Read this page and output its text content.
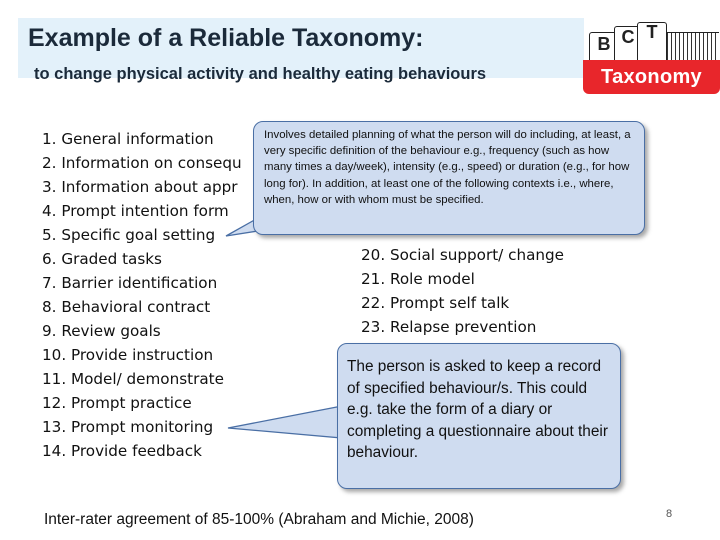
Example of a Reliable Taxonomy:

to change physical activity and healthy eating behaviours

B C T
Taxonomy
1. General information
2. Information on consequ
3. Information about appr
4. Prompt intention form
5. Specific goal setting
6. Graded tasks
7. Barrier identification
8. Behavioral contract
9. Review goals
10. Provide instruction
11. Model/ demonstrate
12. Prompt practice
13. Prompt monitoring
14. Provide feedback
20. Social support/ change
21. Role model
22. Prompt self talk
23. Relapse prevention
Involves detailed planning of what the person will do including, at least, a very specific definition of the behaviour e.g., frequency (such as how many times a day/week), intensity (e.g., speed) or duration (e.g., for how long for). In addition, at least one of the following contexts i.e., where, when, how or with whom must be specified.
The person is asked to keep a record of specified behaviour/s. This could e.g. take the form of a diary or completing a questionnaire about their behaviour.

Inter-rater agreement of 85-100% (Abraham and Michie, 2008)	8
